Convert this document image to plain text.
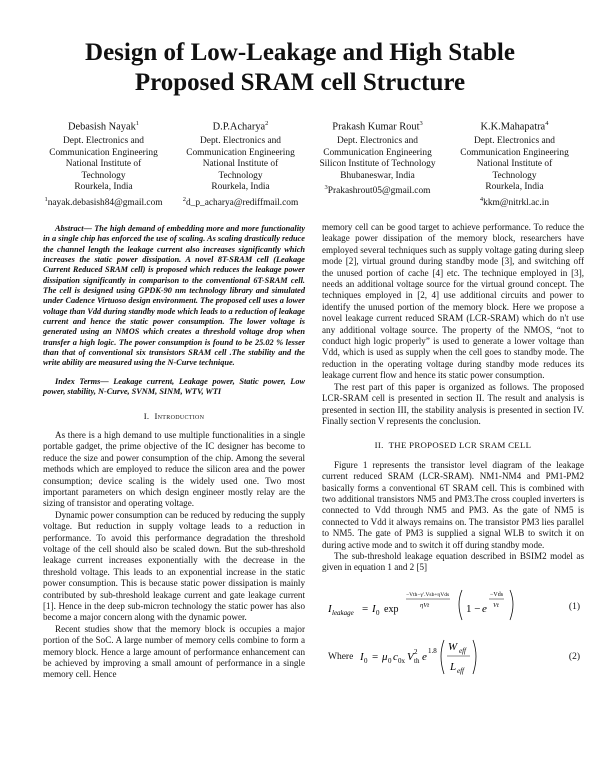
Design of Low-Leakage and High Stable
Proposed SRAM cell Structure
Debasish Nayak$^1$
Dept. Electronics and
Communication Engineering
National Institute of
Technology
Rourkela, India
$^1$nayak.debasish84@gmail.com
D.P.Acharya$^2$
Dept. Electronics and
Communication Engineering
National Institute of
Technology
Rourkela, India
$^2$d_p_acharya@rediffmail.com
Prakash Kumar Rout$^3$
Dept. Electronics and
Communication Engineering
Silicon Institute of Technology
Bhubaneswar, India
$^3$Prakashrout05@gmail.com
K.K.Mahapatra$^4$
Dept. Electronics and
Communication Engineering
National Institute of
Technology
Rourkela, India
$^4$kkm@nitrkl.ac.in

Abstract— The high demand of embedding more and more functionality in a single chip has enforced the use of scaling. As scaling drastically reduce the channel length the leakage current also increases significantly which increases the static power dissipation. A novel 8T-SRAM cell (Leakage Current Reduced SRAM cell) is proposed which reduces the leakage power dissipation significantly in comparison to the conventional 6T-SRAM cell. The cell is designed using GPDK-90 nm technology library and simulated under Cadence Virtuoso design environment. The proposed cell uses a lower voltage than Vdd during standby mode which leads to a reduction of leakage current and hence the static power consumption. The lower voltage is generated using an NMOS which creates a threshold voltage drop when transfer a high logic. The power consumption is found to be 25.02 % lesser than that of conventional six transistors SRAM cell .The stability and the write ability are measured using the N-Curve technique.

Index Terms— Leakage current, Leakage power, Static power, Low power, stability, N-Curve, SVNM, SINM, WTV, WTI

I. Introduction

As there is a high demand to use multiple functionalities in a single portable gadget, the prime objective of the IC designer has become to reduce the size and power consumption of the chip. Among the several methods which are employed to reduce the silicon area and the power consumption; device scaling is the widely used one. Two most important parameters on which design engineer mostly relay are the sizing of transistor and operating voltage.

Dynamic power consumption can be reduced by reducing the supply voltage. But reduction in supply voltage leads to a reduction in performance. To avoid this performance degradation the threshold voltage of the cell should also be scaled down. But the sub-threshold leakage current increases exponentially with the decrease in the threshold voltage. This leads to an exponential increase in the static power consumption. This is because static power dissipation is mainly contributed by sub-threshold leakage current and gate leakage current [1]. Hence in the deep sub-micron technology the static power has also become a major concern along with the dynamic power.

Recent studies show that the memory block is occupies a major portion of the SoC. A large number of memory cells combine to form a memory block. Hence a large amount of performance enhancement can be achieved by improving a small amount of performance in a single memory cell. Hence

memory cell can be good target to achieve performance. To reduce the leakage power dissipation of the memory block, researchers have employed several techniques such as supply voltage gating during sleep mode [2], virtual ground during standby mode [3], and switching off the unused portion of cache [4] etc. The technique employed in [3], needs an additional voltage source for the virtual ground concept. The techniques employed in [2, 4] use additional circuits and power to identify the unused portion of the memory block. Here we propose a novel leakage current reduced SRAM (LCR-SRAM) which do n't use any additional voltage source. The property of the NMOS, “not to conduct high logic properly” is used to generate a lower voltage than Vdd, which is used as supply when the cell goes to standby mode. The reduction in the operating voltage during standby mode reduces its leakage current flow and hence its static power consumption.

The rest part of this paper is organized as follows. The proposed LCR-SRAM cell is presented in section II. The result and analysis is presented in section III, the stability analysis is presented in section IV. Finally section V represents the conclusion.

II. THE PROPOSED LCR SRAM CELL

Figure 1 represents the transistor level diagram of the leakage current reduced SRAM (LCR-SRAM). NM1-NM4 and PM1-PM2 basically forms a conventional 6T SRAM cell. This is combined with two additional transistors NM5 and PM3.The cross coupled inverters is connected to Vdd through NM5 and PM3. As the gate of NM5 is connected to Vdd it always remains on. The transistor PM3 lies parallel to NM5. The gate of PM3 is supplied a signal WLB to switch it on during active mode and to switch it off during standby mode.

The sub-threshold leakage equation described in BSIM2 model as given in equation 1 and 2 [5]

I leakage = I 0 exp
−Vth−γ′.Vsb+ηVds
ηVt	1 − e
−Vds
Vt	(1)
Where I 0 = μ 0 c 0x V 2
th e 1.8 W eff
L eff
(2)
